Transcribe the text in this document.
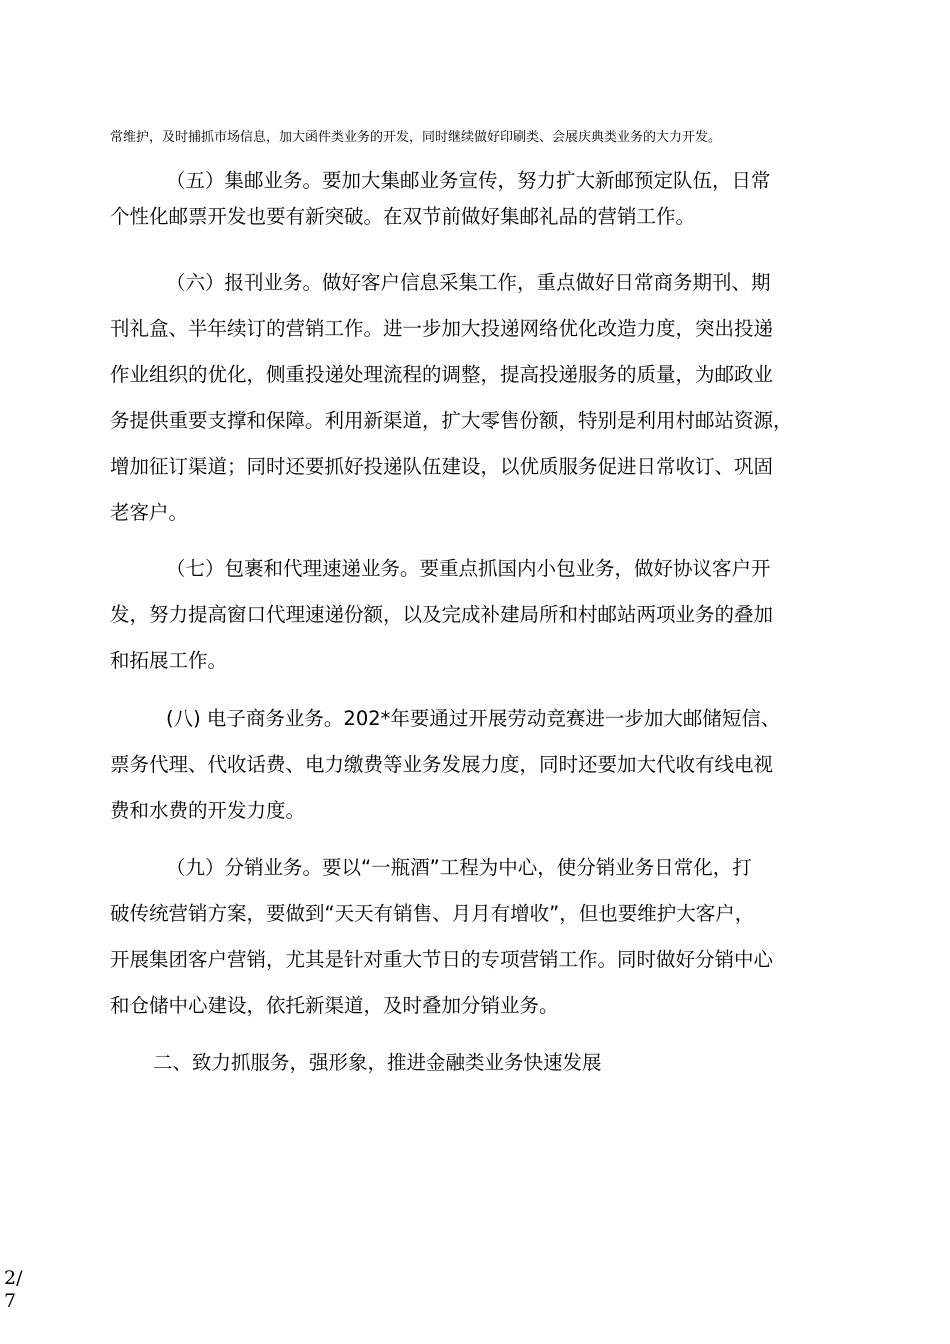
常维护，及时捕抓市场信息，加大函件类业务的开发，同时继续做好印刷类、会展庆典类业务的大力开发。
（五）集邮业务。要加大集邮业务宣传，努力扩大新邮预定队伍，日常
个性化邮票开发也要有新突破。在双节前做好集邮礼品的营销工作。
（六）报刊业务。做好客户信息采集工作，重点做好日常商务期刊、期
刊礼盒、半年续订的营销工作。进一步加大投递网络优化改造力度，突出投递
作业组织的优化，侧重投递处理流程的调整，提高投递服务的质量，为邮政业
务提供重要支撑和保障。利用新渠道，扩大零售份额，特别是利用村邮站资源，
增加征订渠道；同时还要抓好投递队伍建设，以优质服务促进日常收订、巩固
老客户。
（七）包裹和代理速递业务。要重点抓国内小包业务，做好协议客户开
发，努力提高窗口代理速递份额，以及完成补建局所和村邮站两项业务的叠加
和拓展工作。
(八) 电子商务业务。202*年要通过开展劳动竞赛进一步加大邮储短信、
票务代理、代收话费、电力缴费等业务发展力度，同时还要加大代收有线电视
费和水费的开发力度。
（九）分销业务。要以“一瓶酒”工程为中心，使分销业务日常化，打
破传统营销方案，要做到“天天有销售、月月有增收”，但也要维护大客户，
开展集团客户营销，尤其是针对重大节日的专项营销工作。同时做好分销中心
和仓储中心建设，依托新渠道，及时叠加分销业务。
二、致力抓服务，强形象，推进金融类业务快速发展
2/7
